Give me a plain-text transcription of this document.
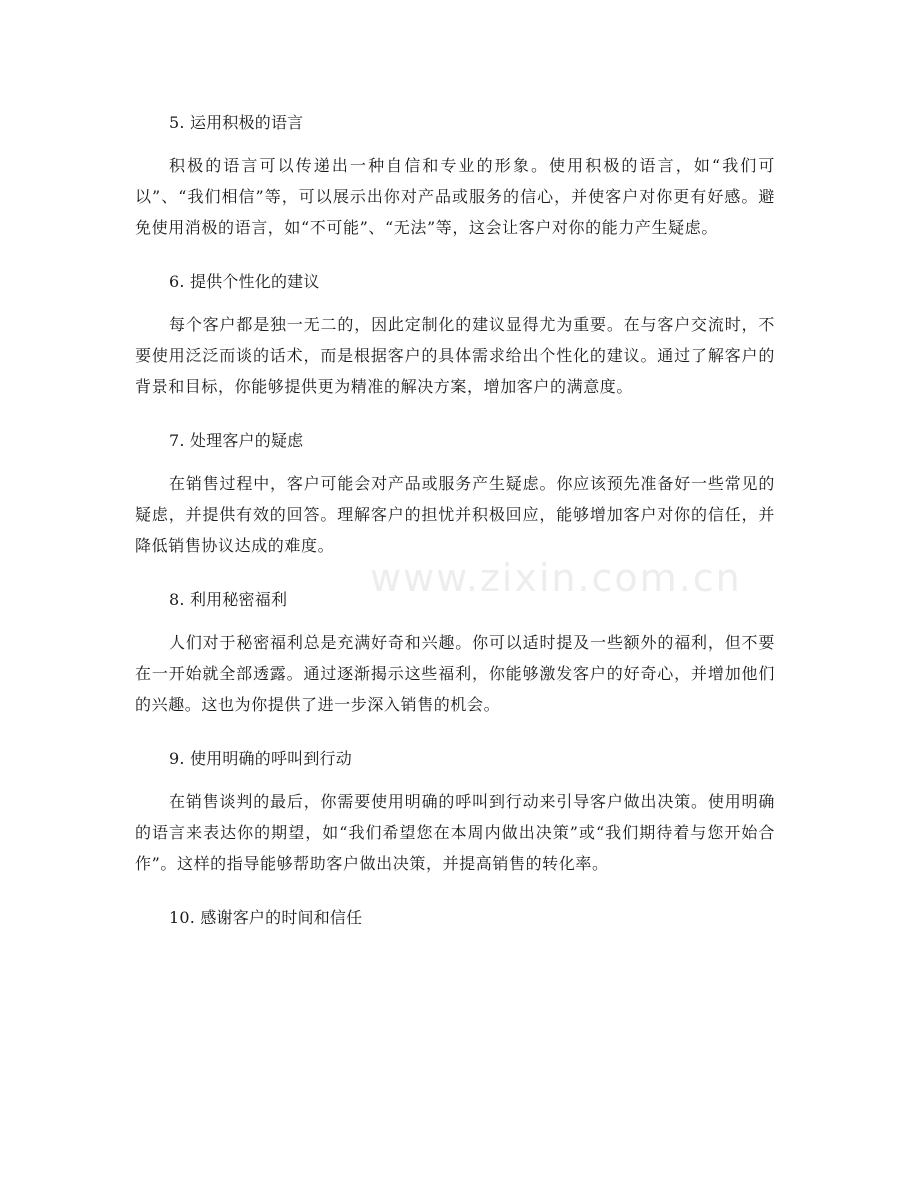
5. 运用积极的语言

积极的语言可以传递出一种自信和专业的形象。使用积极的语言，如“我们可以”、“我们相信”等，可以展示出你对产品或服务的信心，并使客户对你更有好感。避免使用消极的语言，如“不可能”、“无法”等，这会让客户对你的能力产生疑虑。

6. 提供个性化的建议

每个客户都是独一无二的，因此定制化的建议显得尤为重要。在与客户交流时，不要使用泛泛而谈的话术，而是根据客户的具体需求给出个性化的建议。通过了解客户的背景和目标，你能够提供更为精准的解决方案，增加客户的满意度。

7. 处理客户的疑虑

在销售过程中，客户可能会对产品或服务产生疑虑。你应该预先准备好一些常见的疑虑，并提供有效的回答。理解客户的担忧并积极回应，能够增加客户对你的信任，并降低销售协议达成的难度。

8. 利用秘密福利

人们对于秘密福利总是充满好奇和兴趣。你可以适时提及一些额外的福利，但不要在一开始就全部透露。通过逐渐揭示这些福利，你能够激发客户的好奇心，并增加他们的兴趣。这也为你提供了进一步深入销售的机会。

9. 使用明确的呼叫到行动

在销售谈判的最后，你需要使用明确的呼叫到行动来引导客户做出决策。使用明确的语言来表达你的期望，如“我们希望您在本周内做出决策”或“我们期待着与您开始合作”。这样的指导能够帮助客户做出决策，并提高销售的转化率。

10. 感谢客户的时间和信任
www.zixin.com.cn
